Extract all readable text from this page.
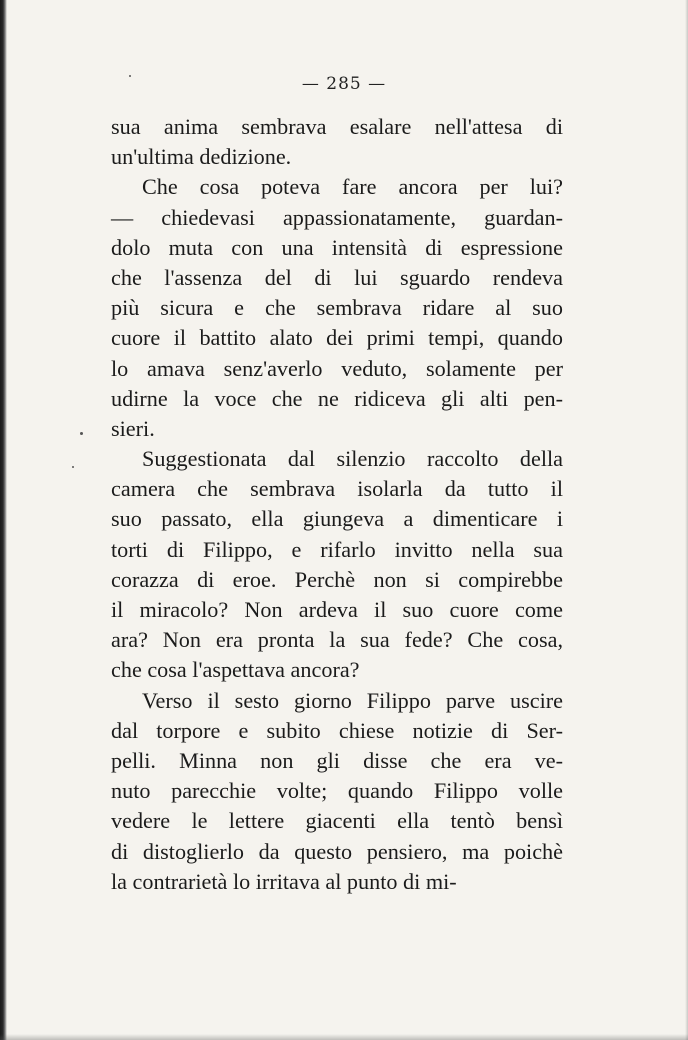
— 285 —
sua anima sembrava esalare nell'attesa di
un'ultima dedizione.
Che cosa poteva fare ancora per lui?
— chiedevasi appassionatamente, guardan-
dolo muta con una intensità di espressione
che l'assenza del di lui sguardo rendeva
più sicura e che sembrava ridare al suo
cuore il battito alato dei primi tempi, quando
lo amava senz'averlo veduto, solamente per
udirne la voce che ne ridiceva gli alti pen-
sieri.
Suggestionata dal silenzio raccolto della
camera che sembrava isolarla da tutto il
suo passato, ella giungeva a dimenticare i
torti di Filippo, e rifarlo invitto nella sua
corazza di eroe. Perchè non si compirebbe
il miracolo? Non ardeva il suo cuore come
ara? Non era pronta la sua fede? Che cosa,
che cosa l'aspettava ancora?
Verso il sesto giorno Filippo parve uscire
dal torpore e subito chiese notizie di Ser-
pelli. Minna non gli disse che era ve-
nuto parecchie volte; quando Filippo volle
vedere le lettere giacenti ella tentò bensì
di distoglierlo da questo pensiero, ma poichè
la contrarietà lo irritava al punto di mi-
